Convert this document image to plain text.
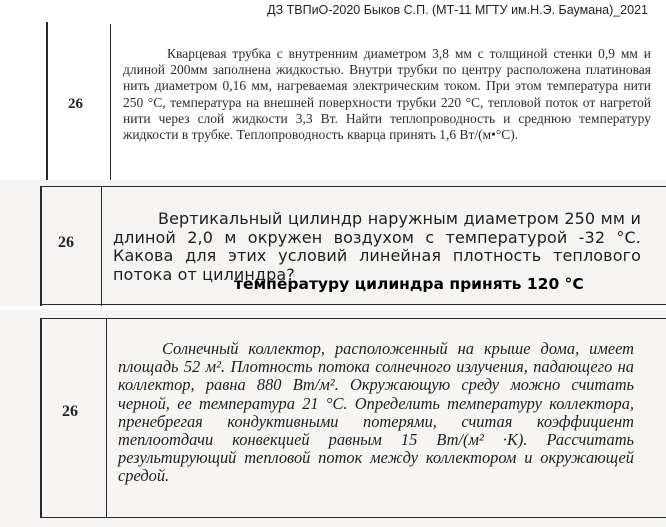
ДЗ ТВПиО-2020 Быков С.П. (МТ-11 МГТУ им.Н.Э. Баумана)_2021
26
Кварцевая трубка с внутренним диаметром 3,8 мм с толщиной стенки 0,9 мм и длиной 200мм заполнена жидкостью. Внутри трубки по центру расположена платиновая нить диаметром 0,16 мм, нагреваемая электрическим током. При этом температура нити 250 °С, температура на внешней поверхности трубки 220 °С, тепловой поток от нагретой нити через слой жидкости 3,3 Вт. Найти теплопроводность и среднюю температуру жидкости в трубке. Теплопроводность кварца принять 1,6 Вт/(м•°С).
26
Вертикальный цилиндр наружным диаметром 250 мм и длиной 2,0 м окружен воздухом с температурой -32 °С. Какова для этих условий линейная плотность теплового потока от цилиндра?
температуру цилиндра принять 120 °С
26
Солнечный коллектор, расположенный на крыше дома, имеет площадь 52 м². Плотность потока солнечного излучения, падающего на коллектор, равна 880 Вт/м². Окружающую среду можно считать черной, ее температура 21 °С. Определить температуру коллектора, пренебрегая кондуктивными потерями, считая коэффициент теплоотдачи конвекцией равным 15 Вт/(м² ·К). Рассчитать результирующий тепловой поток между коллектором и окружающей средой.
